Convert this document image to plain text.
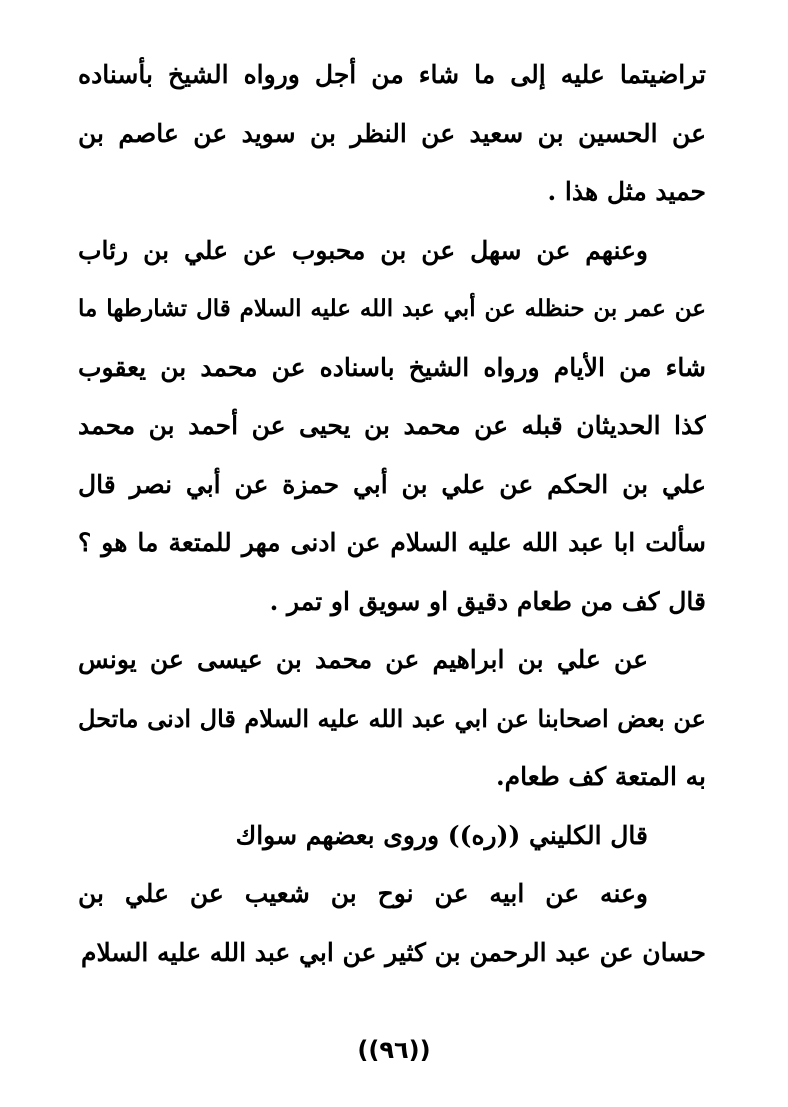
تراضيتما عليه إلى ما شاء من أجل ورواه الشيخ بأسناده
عن الحسين بن سعيد عن النظر بن سويد عن عاصم بن
حميد مثل هذا .
وعنهم عن سهل عن بن محبوب عن علي بن رئاب
عن عمر بن حنظله عن أبي عبد الله عليه السلام قال تشارطها ما
شاء من الأيام ورواه الشيخ باسناده عن محمد بن يعقوب
كذا الحديثان قبله عن محمد بن يحيى عن أحمد بن محمد
علي بن الحكم عن علي بن أبي حمزة عن أبي نصر قال
سألت ابا عبد الله عليه السلام عن ادنى مهر للمتعة ما هو ؟
قال كف من طعام دقيق او سويق او تمر .
عن علي بن ابراهيم عن محمد بن عيسى عن يونس
عن بعض اصحابنا عن ابي عبد الله عليه السلام قال ادنى ماتحل
به المتعة كف طعام.
قال الكليني ((ره)) وروى بعضهم سواك
وعنه عن ابيه عن نوح بن شعيب عن علي بن
حسان عن عبد الرحمن بن كثير عن ابي عبد الله عليه السلام
((٩٦))
